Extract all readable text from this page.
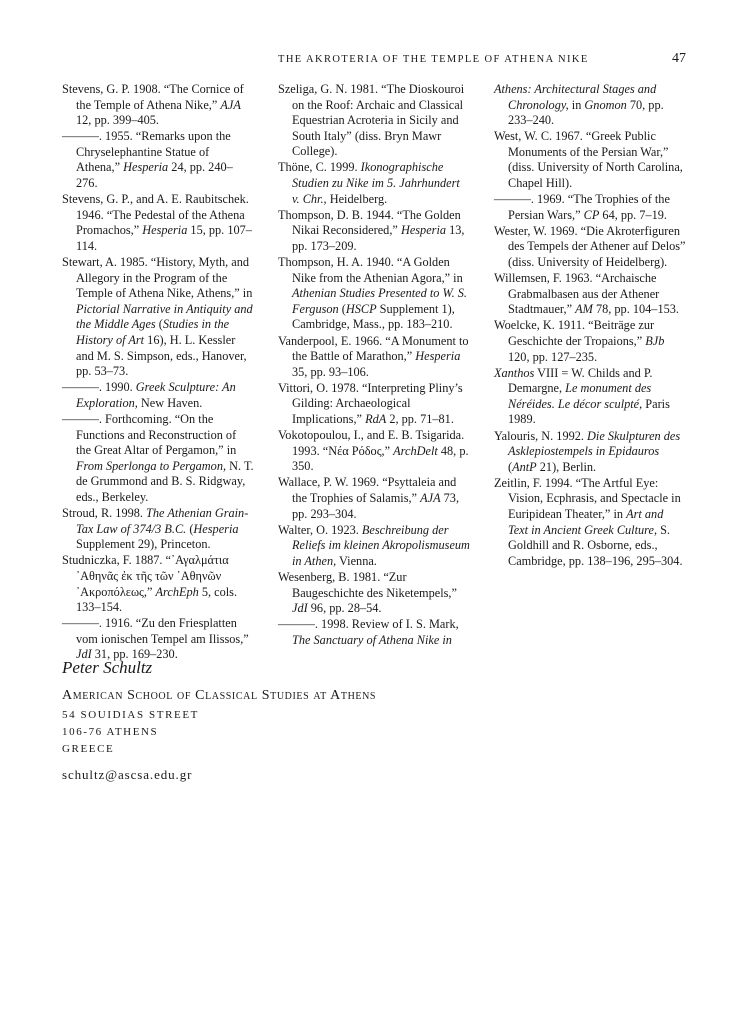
THE AKROTERIA OF THE TEMPLE OF ATHENA NIKE	47
Stevens, G. P. 1908. “The Cornice of the Temple of Athena Nike,” AJA 12, pp. 399–405.
———. 1955. “Remarks upon the Chryselephantine Statue of Athena,” Hesperia 24, pp. 240–276.
Stevens, G. P., and A. E. Raubitschek. 1946. “The Pedestal of the Athena Promachos,” Hesperia 15, pp. 107–114.
Stewart, A. 1985. “History, Myth, and Allegory in the Program of the Temple of Athena Nike, Athens,” in Pictorial Narrative in Antiquity and the Middle Ages (Studies in the History of Art 16), H. L. Kessler and M. S. Simpson, eds., Hanover, pp. 53–73.
———. 1990. Greek Sculpture: An Exploration, New Haven.
———. Forthcoming. “On the Functions and Reconstruction of the Great Altar of Pergamon,” in From Sperlonga to Pergamon, N. T. de Grummond and B. S. Ridgway, eds., Berkeley.
Stroud, R. 1998. The Athenian Grain-Tax Law of 374/3 B.C. (Hesperia Supplement 29), Princeton.
Studniczka, F. 1887. “᾿Αγαλμάτια ᾿Αθηνᾶς ἐκ τῆς τῶν ᾿Αθηνῶν ᾿Ακροπόλεως,” ArchEph 5, cols. 133–154.
———. 1916. “Zu den Friesplatten vom ionischen Tempel am Ilissos,” JdI 31, pp. 169–230.
Szeliga, G. N. 1981. “The Dioskouroi on the Roof: Archaic and Classical Equestrian Acroteria in Sicily and South Italy” (diss. Bryn Mawr College).
Thöne, C. 1999. Ikonographische Studien zu Nike im 5. Jahrhundert v. Chr., Heidelberg.
Thompson, D. B. 1944. “The Golden Nikai Reconsidered,” Hesperia 13, pp. 173–209.
Thompson, H. A. 1940. “A Golden Nike from the Athenian Agora,” in Athenian Studies Presented to W. S. Ferguson (HSCP Supplement 1), Cambridge, Mass., pp. 183–210.
Vanderpool, E. 1966. “A Monument to the Battle of Marathon,” Hesperia 35, pp. 93–106.
Vittori, O. 1978. “Interpreting Pliny’s Gilding: Archaeological Implications,” RdA 2, pp. 71–81.
Vokotopoulou, I., and E. B. Tsigarida. 1993. “Νέα Ρόδος,” ArchDelt 48, p. 350.
Wallace, P. W. 1969. “Psyttaleia and the Trophies of Salamis,” AJA 73, pp. 293–304.
Walter, O. 1923. Beschreibung der Reliefs im kleinen Akropolismuseum in Athen, Vienna.
Wesenberg, B. 1981. “Zur Baugeschichte des Niketempels,” JdI 96, pp. 28–54.
———. 1998. Review of I. S. Mark, The Sanctuary of Athena Nike in
Athens: Architectural Stages and Chronology, in Gnomon 70, pp. 233–240.
West, W. C. 1967. “Greek Public Monuments of the Persian War,” (diss. University of North Carolina, Chapel Hill).
———. 1969. “The Trophies of the Persian Wars,” CP 64, pp. 7–19.
Wester, W. 1969. “Die Akroterfiguren des Tempels der Athener auf Delos” (diss. University of Heidelberg).
Willemsen, F. 1963. “Archaische Grabmalbasen aus der Athener Stadtmauer,” AM 78, pp. 104–153.
Woelcke, K. 1911. “Beiträge zur Geschichte der Tropaions,” BJb 120, pp. 127–235.
Xanthos VIII = W. Childs and P. Demargne, Le monument des Néréides. Le décor sculpté, Paris 1989.
Yalouris, N. 1992. Die Skulpturen des Asklepiostempels in Epidauros (AntP 21), Berlin.
Zeitlin, F. 1994. “The Artful Eye: Vision, Ecphrasis, and Spectacle in Euripidean Theater,” in Art and Text in Ancient Greek Culture, S. Goldhill and R. Osborne, eds., Cambridge, pp. 138–196, 295–304.
Peter Schultz
American School of Classical Studies at Athens
54 SOUIDIAS STREET
106-76 ATHENS
GREECE
schultz@ascsa.edu.gr
